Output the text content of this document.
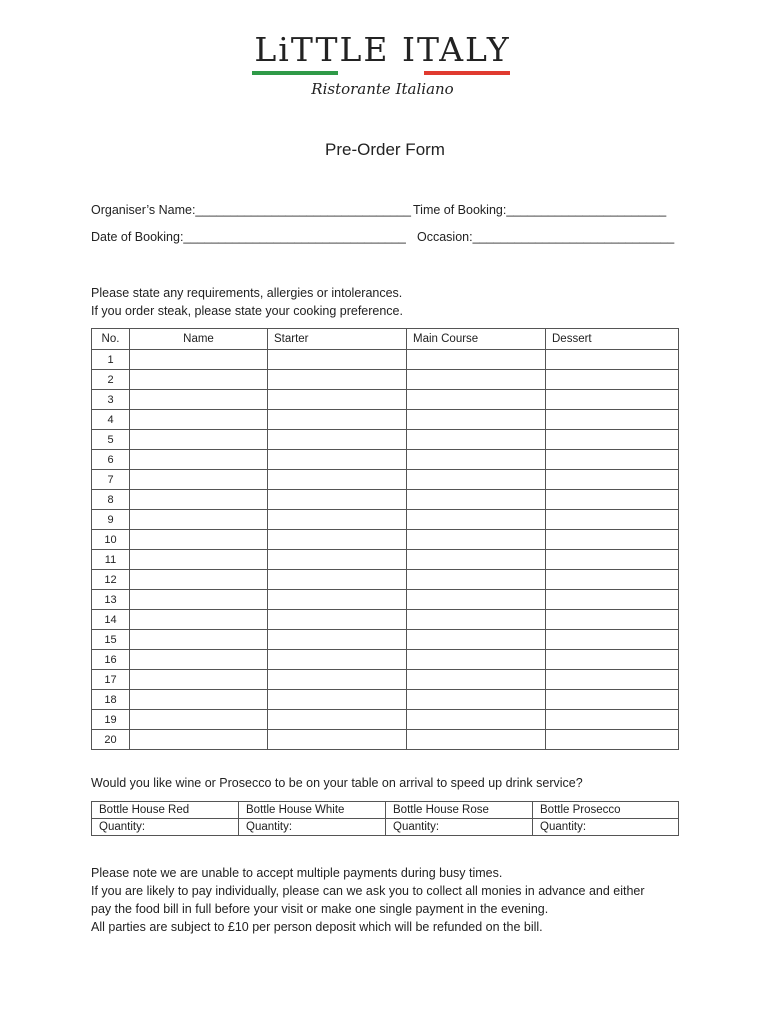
LiTTLE ITALY
Ristorante Italiano
Pre-Order Form
Organiser’s Name:_______________________________ Time of Booking:_______________________
Date of Booking:________________________________ Occasion:_____________________________
Please state any requirements, allergies or intolerances.
If you order steak, please state your cooking preference.
No.	Name	Starter	Main Course	Dessert
1				
2				
3				
4				
5				
6				
7				
8				
9				
10				
11				
12				
13				
14				
15				
16				
17				
18				
19				
20				
Would you like wine or Prosecco to be on your table on arrival to speed up drink service?
Bottle House Red	Bottle House White	Bottle House Rose	Bottle Prosecco
Quantity:	Quantity:	Quantity:	Quantity:
Please note we are unable to accept multiple payments during busy times.
If you are likely to pay individually, please can we ask you to collect all monies in advance and either
pay the food bill in full before your visit or make one single payment in the evening.
All parties are subject to £10 per person deposit which will be refunded on the bill.
